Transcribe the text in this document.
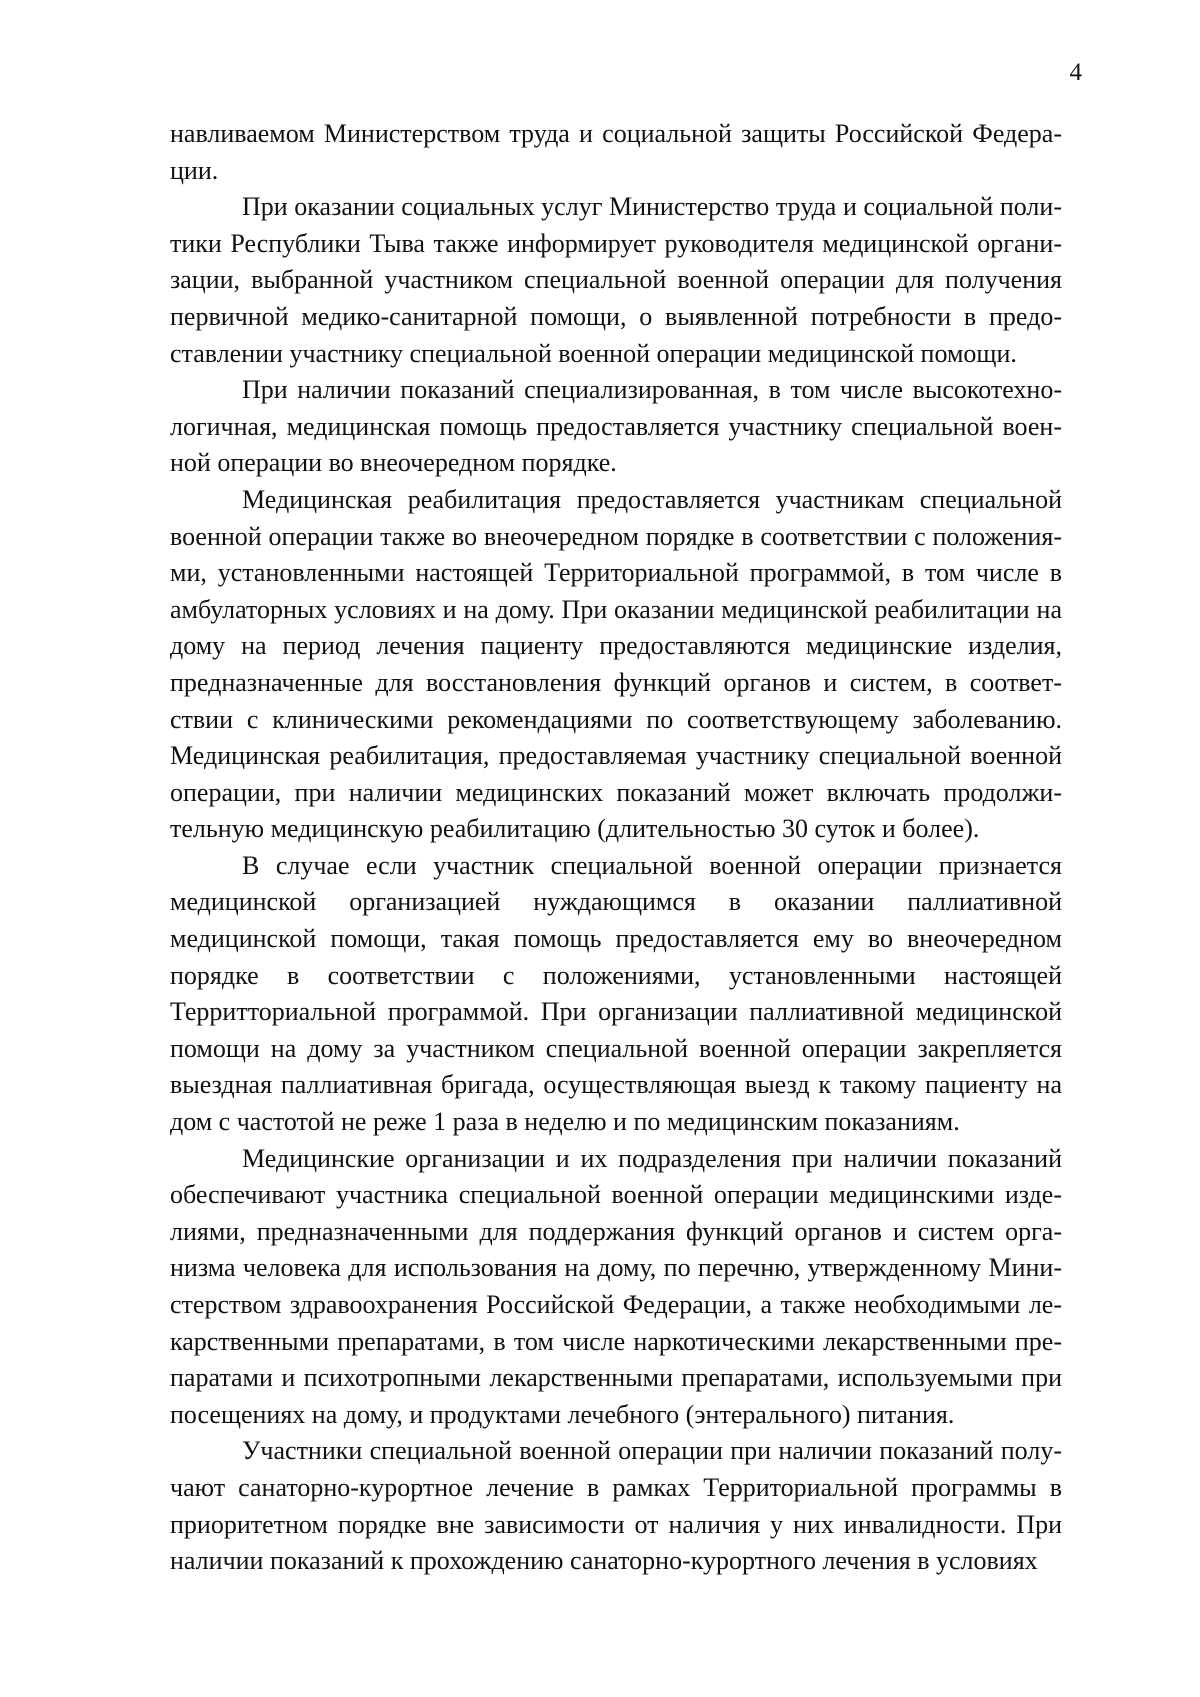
4

навливаемом Министерством труда и социальной защиты Российской Федерации.

При оказании социальных услуг Министерство труда и социальной политики Республики Тыва также информирует руководителя медицинской организации, выбранной участником специальной военной операции для получения первичной медико-санитарной помощи, о выявленной потребности в предоставлении участнику специальной военной операции медицинской помощи.

При наличии показаний специализированная, в том числе высокотехнологичная, медицинская помощь предоставляется участнику специальной военной операции во внеочередном порядке.

Медицинская реабилитация предоставляется участникам специальной военной операции также во внеочередном порядке в соответствии с положениями, установленными настоящей Территориальной программой, в том числе в амбулаторных условиях и на дому. При оказании медицинской реабилитации на дому на период лечения пациенту предоставляются медицинские изделия, предназначенные для восстановления функций органов и систем, в соответствии с клиническими рекомендациями по соответствующему заболеванию. Медицинская реабилитация, предоставляемая участнику специальной военной операции, при наличии медицинских показаний может включать продолжительную медицинскую реабилитацию (длительностью 30 суток и более).

В случае если участник специальной военной операции признается медицинской организацией нуждающимся в оказании паллиативной медицинской помощи, такая помощь предоставляется ему во внеочередном порядке в соответствии с положениями, установленными настоящей Территториальной программой. При организации паллиативной медицинской помощи на дому за участником специальной военной операции закрепляется выездная паллиативная бригада, осуществляющая выезд к такому пациенту на дом с частотой не реже 1 раза в неделю и по медицинским показаниям.

Медицинские организации и их подразделения при наличии показаний обеспечивают участника специальной военной операции медицинскими изделиями, предназначенными для поддержания функций органов и систем организма человека для использования на дому, по перечню, утвержденному Министерством здравоохранения Российской Федерации, а также необходимыми лекарственными препаратами, в том числе наркотическими лекарственными препаратами и психотропными лекарственными препаратами, используемыми при посещениях на дому, и продуктами лечебного (энтерального) питания.

Участники специальной военной операции при наличии показаний получают санаторно-курортное лечение в рамках Территориальной программы в приоритетном порядке вне зависимости от наличия у них инвалидности. При наличии показаний к прохождению санаторно-курортного лечения в условиях
